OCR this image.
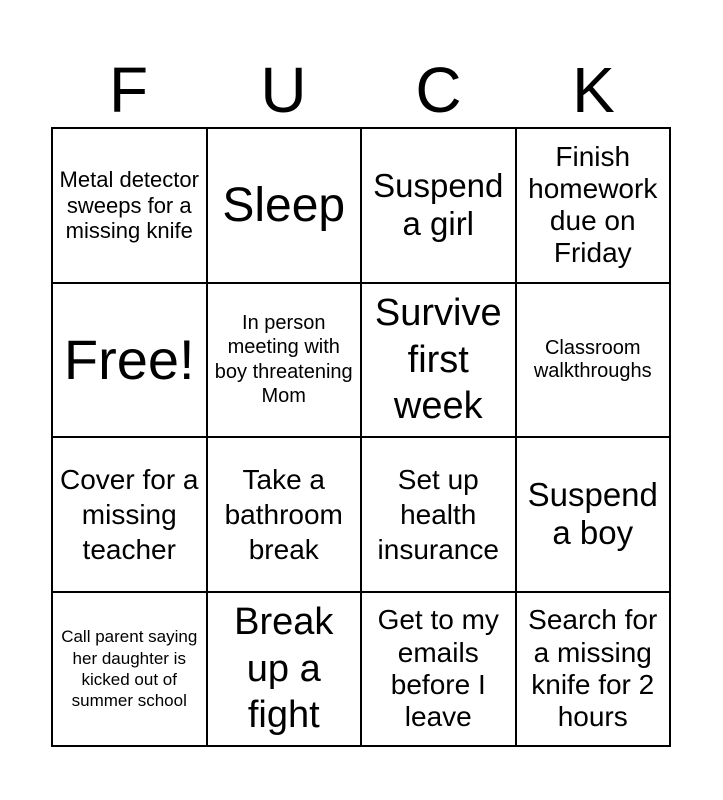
F	U	C	K
Metal detector sweeps for a missing knife Sleep Suspend a girl
Finish homework due on Friday
Free!
In person meeting with boy threatening Mom
Survive first week
Classroom walkthroughs
Cover for a missing teacher
Take a bathroom break
Set up health insurance
Suspend a boy
Call parent saying her daughter is kicked out of summer school
Break up a fight
Get to my emails before I leave
Search for a missing knife for 2 hours
